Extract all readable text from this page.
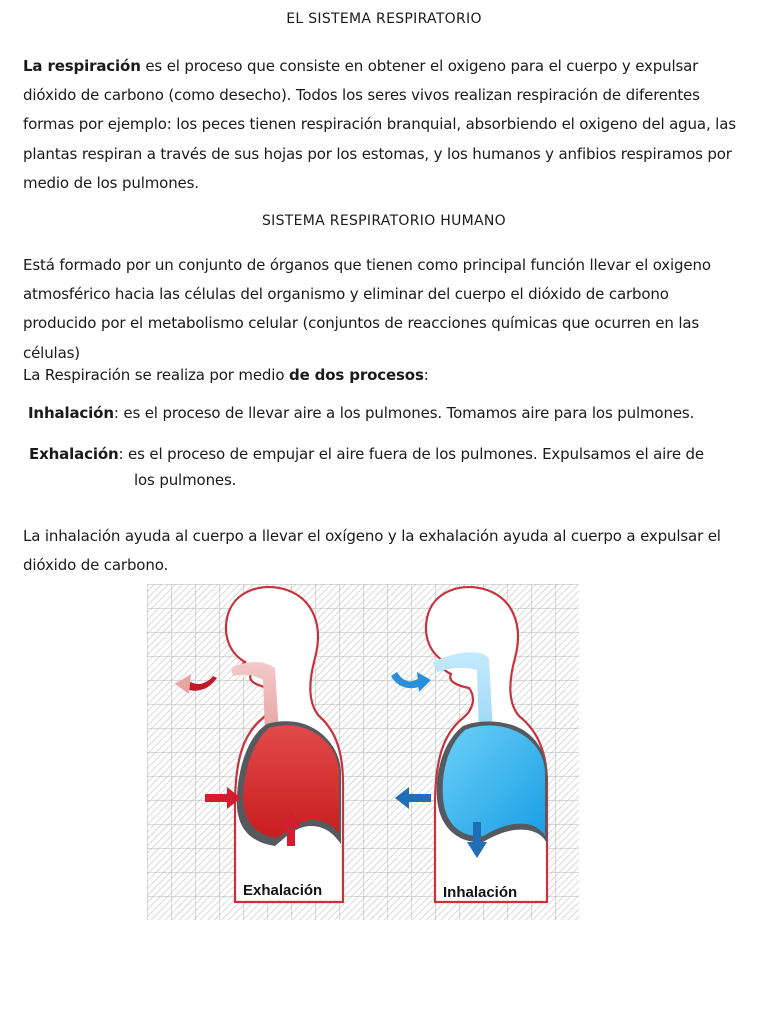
EL SISTEMA RESPIRATORIO

La respiración es el proceso que consiste en obtener el oxigeno para el cuerpo y expulsar dióxido de carbono (como desecho). Todos los seres vivos realizan respiración de diferentes formas por ejemplo: los peces tienen respiración branquial, absorbiendo el oxigeno del agua, las plantas respiran a través de sus hojas por los estomas, y los humanos y anfibios respiramos por medio de los pulmones.

SISTEMA RESPIRATORIO HUMANO

Está formado por un conjunto de órganos que tienen como principal función llevar el oxigeno atmosférico hacia las células del organismo y eliminar del cuerpo el dióxido de carbono producido por el metabolismo celular (conjuntos de reacciones químicas que ocurren en las células)

La Respiración se realiza por medio de dos procesos:

Inhalación: es el proceso de llevar aire a los pulmones. Tomamos aire para los pulmones.

Exhalación: es el proceso de empujar el aire fuera de los pulmones. Expulsamos el aire de

los pulmones.

La inhalación ayuda al cuerpo a llevar el oxígeno y la exhalación ayuda al cuerpo a expulsar el dióxido de carbono.

Exhalación	Inhalación
